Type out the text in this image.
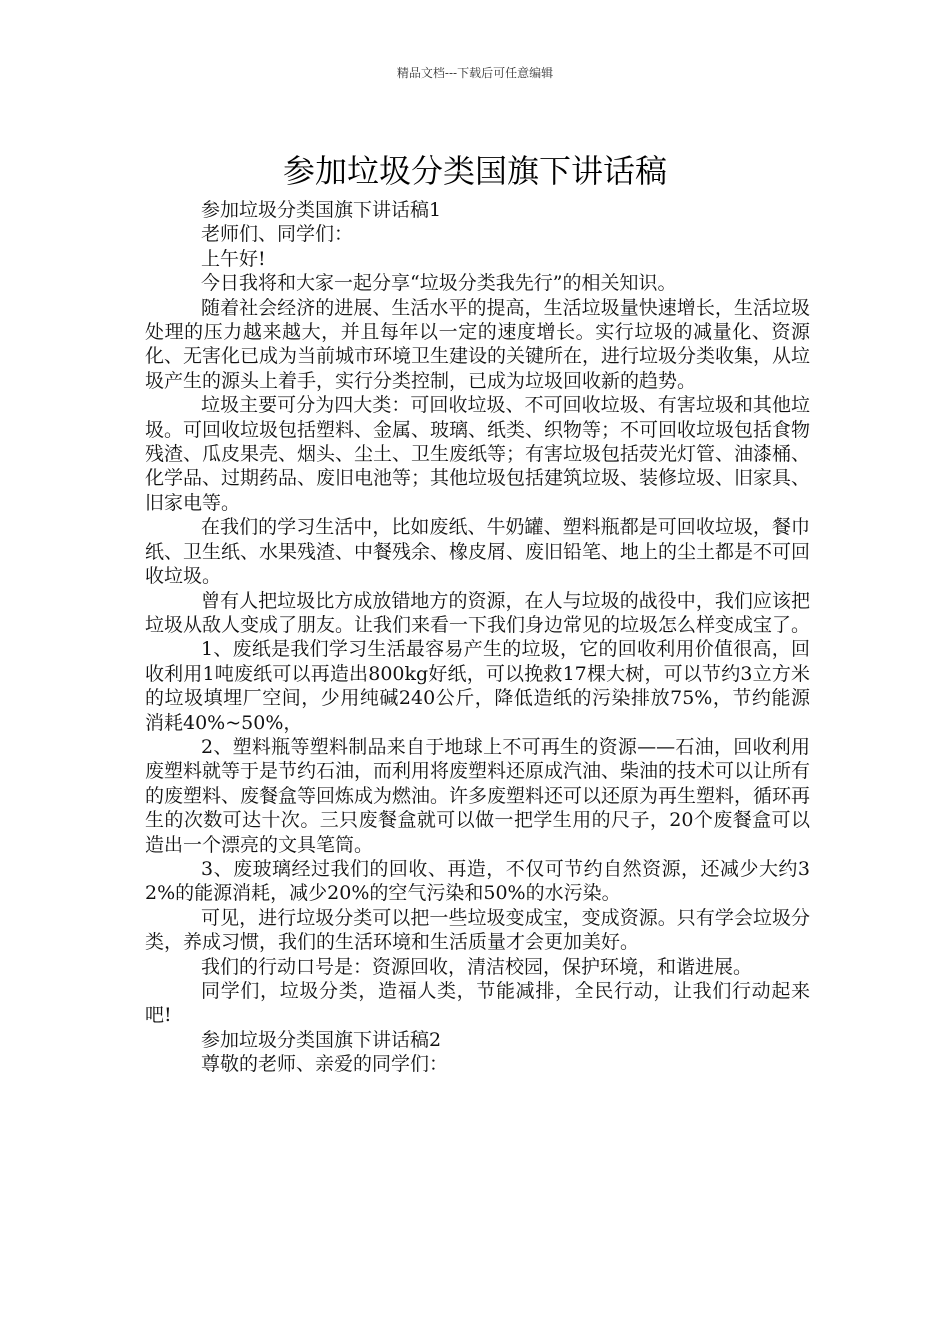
精品文档---下载后可任意编辑
参加垃圾分类国旗下讲话稿

参加垃圾分类国旗下讲话稿1

老师们、同学们：

上午好!

今日我将和大家一起分享“垃圾分类我先行”的相关知识。

随着社会经济的进展、生活水平的提高，生活垃圾量快速增长，生活垃圾处理的压力越来越大，并且每年以一定的速度增长。实行垃圾的减量化、资源化、无害化已成为当前城市环境卫生建设的关键所在，进行垃圾分类收集，从垃圾产生的源头上着手，实行分类控制，已成为垃圾回收新的趋势。

垃圾主要可分为四大类：可回收垃圾、不可回收垃圾、有害垃圾和其他垃圾。可回收垃圾包括塑料、金属、玻璃、纸类、织物等；不可回收垃圾包括食物残渣、瓜皮果壳、烟头、尘土、卫生废纸等；有害垃圾包括荧光灯管、油漆桶、化学品、过期药品、废旧电池等；其他垃圾包括建筑垃圾、装修垃圾、旧家具、旧家电等。

在我们的学习生活中，比如废纸、牛奶罐、塑料瓶都是可回收垃圾，餐巾纸、卫生纸、水果残渣、中餐残余、橡皮屑、废旧铅笔、地上的尘土都是不可回收垃圾。

曾有人把垃圾比方成放错地方的资源，在人与垃圾的战役中，我们应该把垃圾从敌人变成了朋友。让我们来看一下我们身边常见的垃圾怎么样变成宝了。

1、废纸是我们学习生活最容易产生的垃圾，它的回收利用价值很高，回收利用1吨废纸可以再造出800kg好纸，可以挽救17棵大树，可以节约3立方米的垃圾填埋厂空间，少用纯碱240公斤，降低造纸的污染排放75%，节约能源消耗40%~50%，

2、塑料瓶等塑料制品来自于地球上不可再生的资源——石油，回收利用废塑料就等于是节约石油，而利用将废塑料还原成汽油、柴油的技术可以让所有的废塑料、废餐盒等回炼成为燃油。许多废塑料还可以还原为再生塑料，循环再生的次数可达十次。三只废餐盒就可以做一把学生用的尺子，20个废餐盒可以造出一个漂亮的文具笔筒。

3、废玻璃经过我们的回收、再造，不仅可节约自然资源，还减少大约32%的能源消耗，减少20%的空气污染和50%的水污染。

可见，进行垃圾分类可以把一些垃圾变成宝，变成资源。只有学会垃圾分类，养成习惯，我们的生活环境和生活质量才会更加美好。

我们的行动口号是：资源回收，清洁校园，保护环境，和谐进展。

同学们，垃圾分类，造福人类，节能减排，全民行动，让我们行动起来吧!

参加垃圾分类国旗下讲话稿2

尊敬的老师、亲爱的同学们：
